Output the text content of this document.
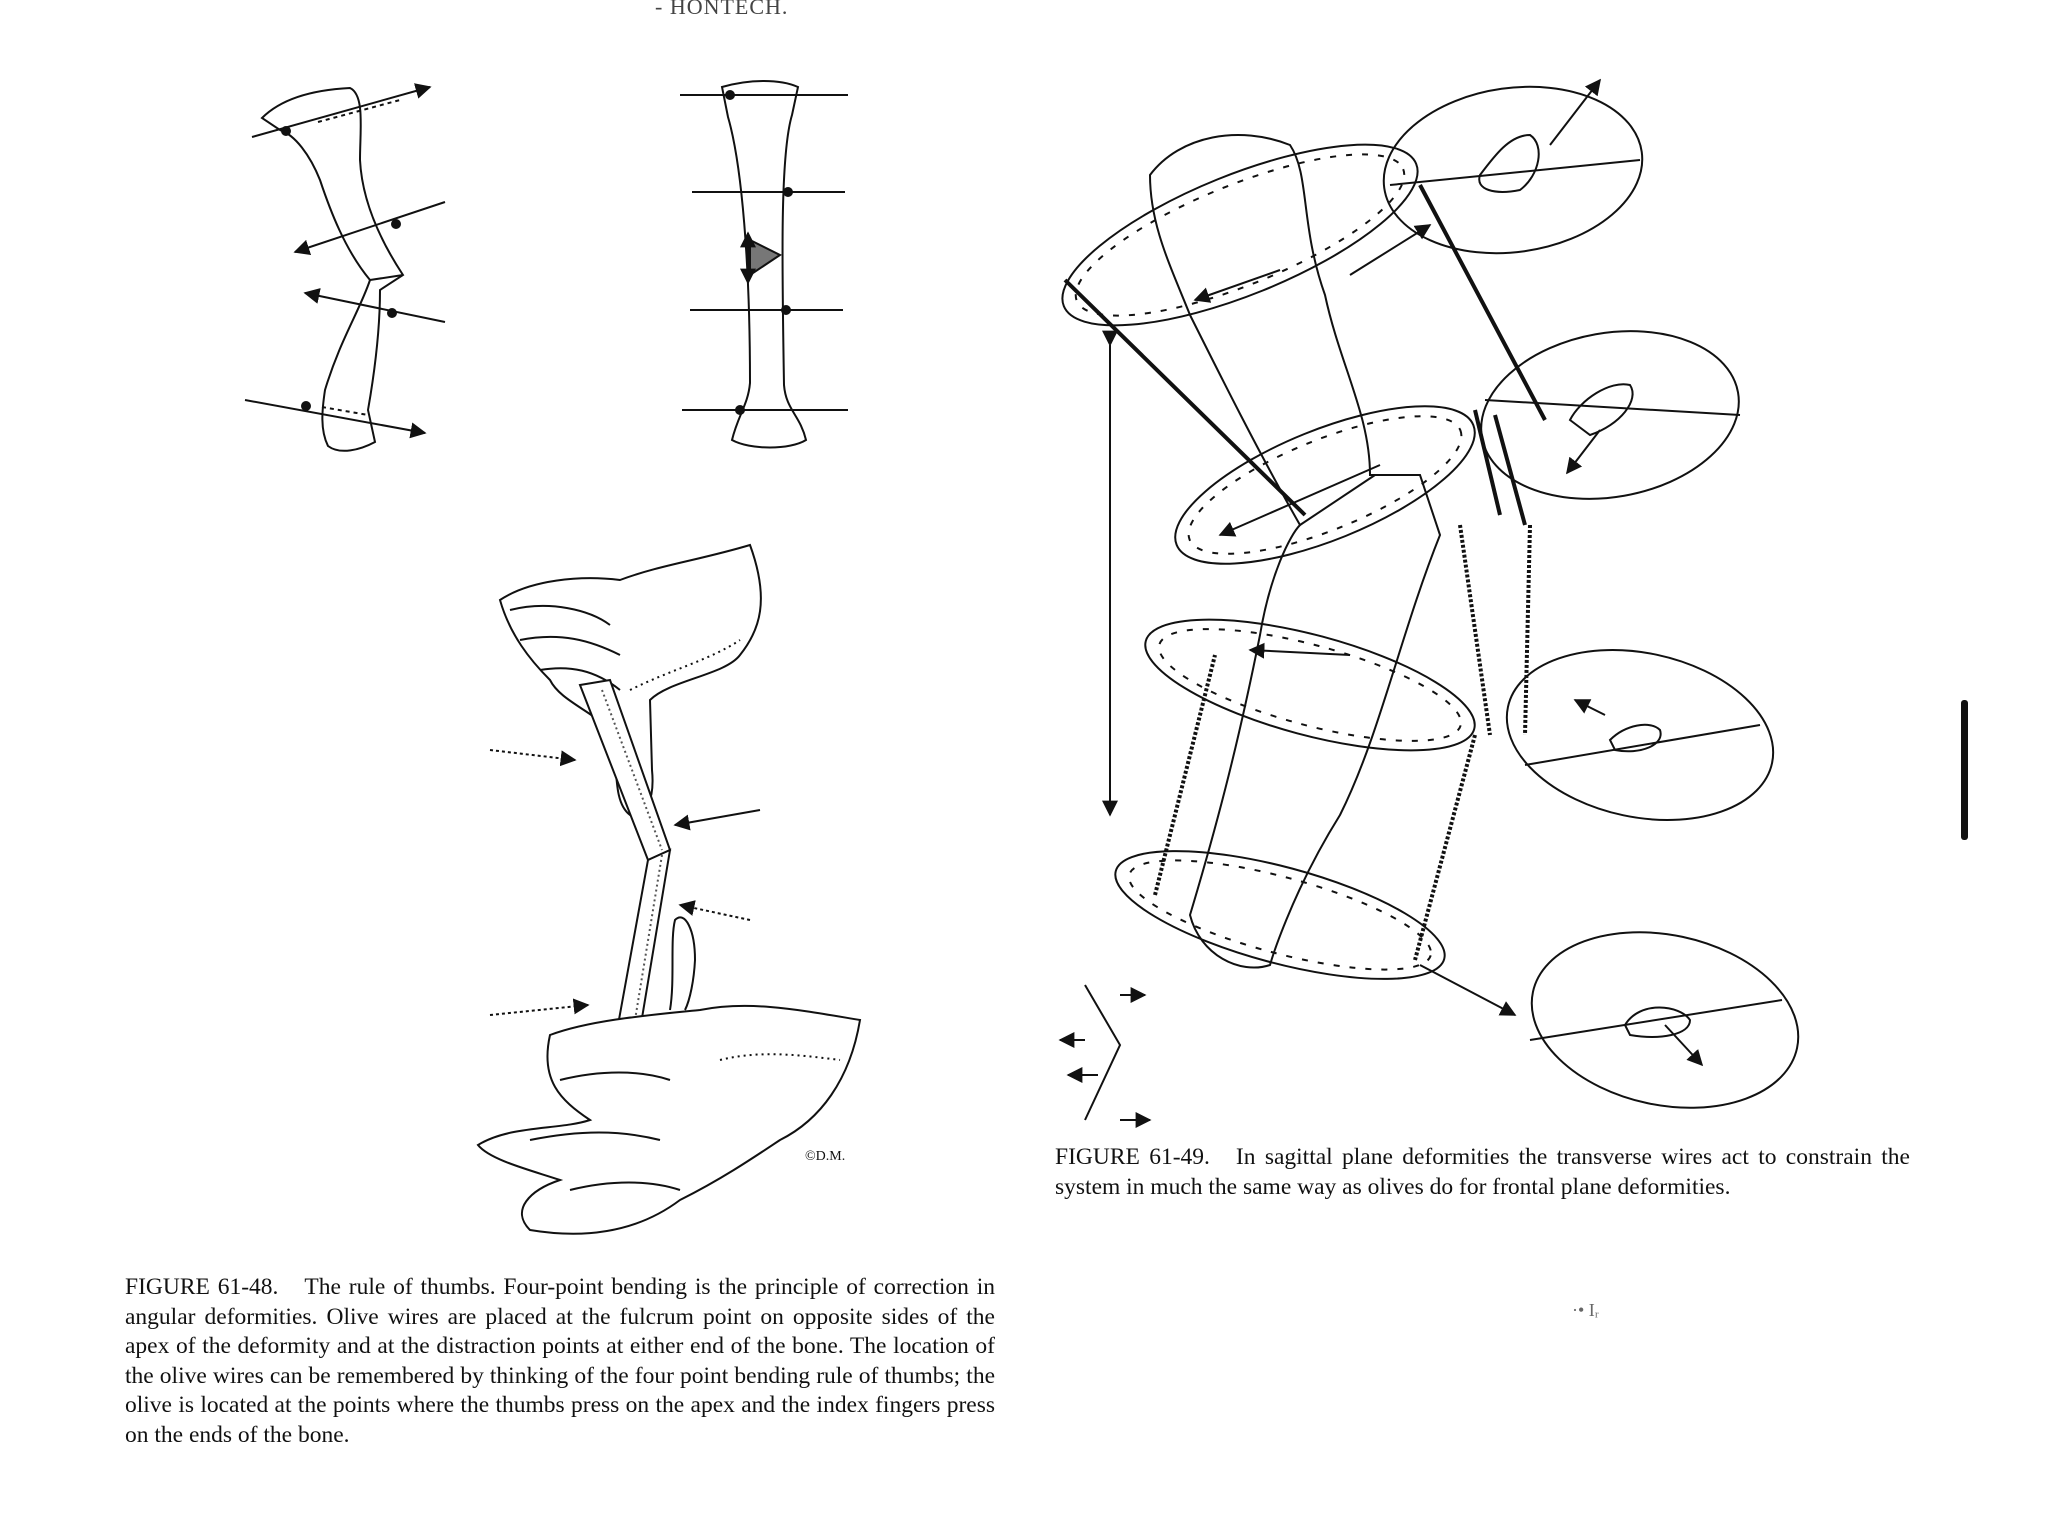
- HONTECH.
©D.M.
FIGURE 61-48. The rule of thumbs. Four-point bending is the principle of correction in angular deformities. Olive wires are placed at the fulcrum point on opposite sides of the apex of the deformity and at the distraction points at either end of the bone. The location of the olive wires can be remembered by thinking of the four point bending rule of thumbs; the olive is located at the points where the thumbs press on the apex and the index fingers press on the ends of the bone.
FIGURE 61-49. In sagittal plane deformities the transverse wires act to constrain the system in much the same way as olives do for frontal plane deformities.
·• Iᵣ
